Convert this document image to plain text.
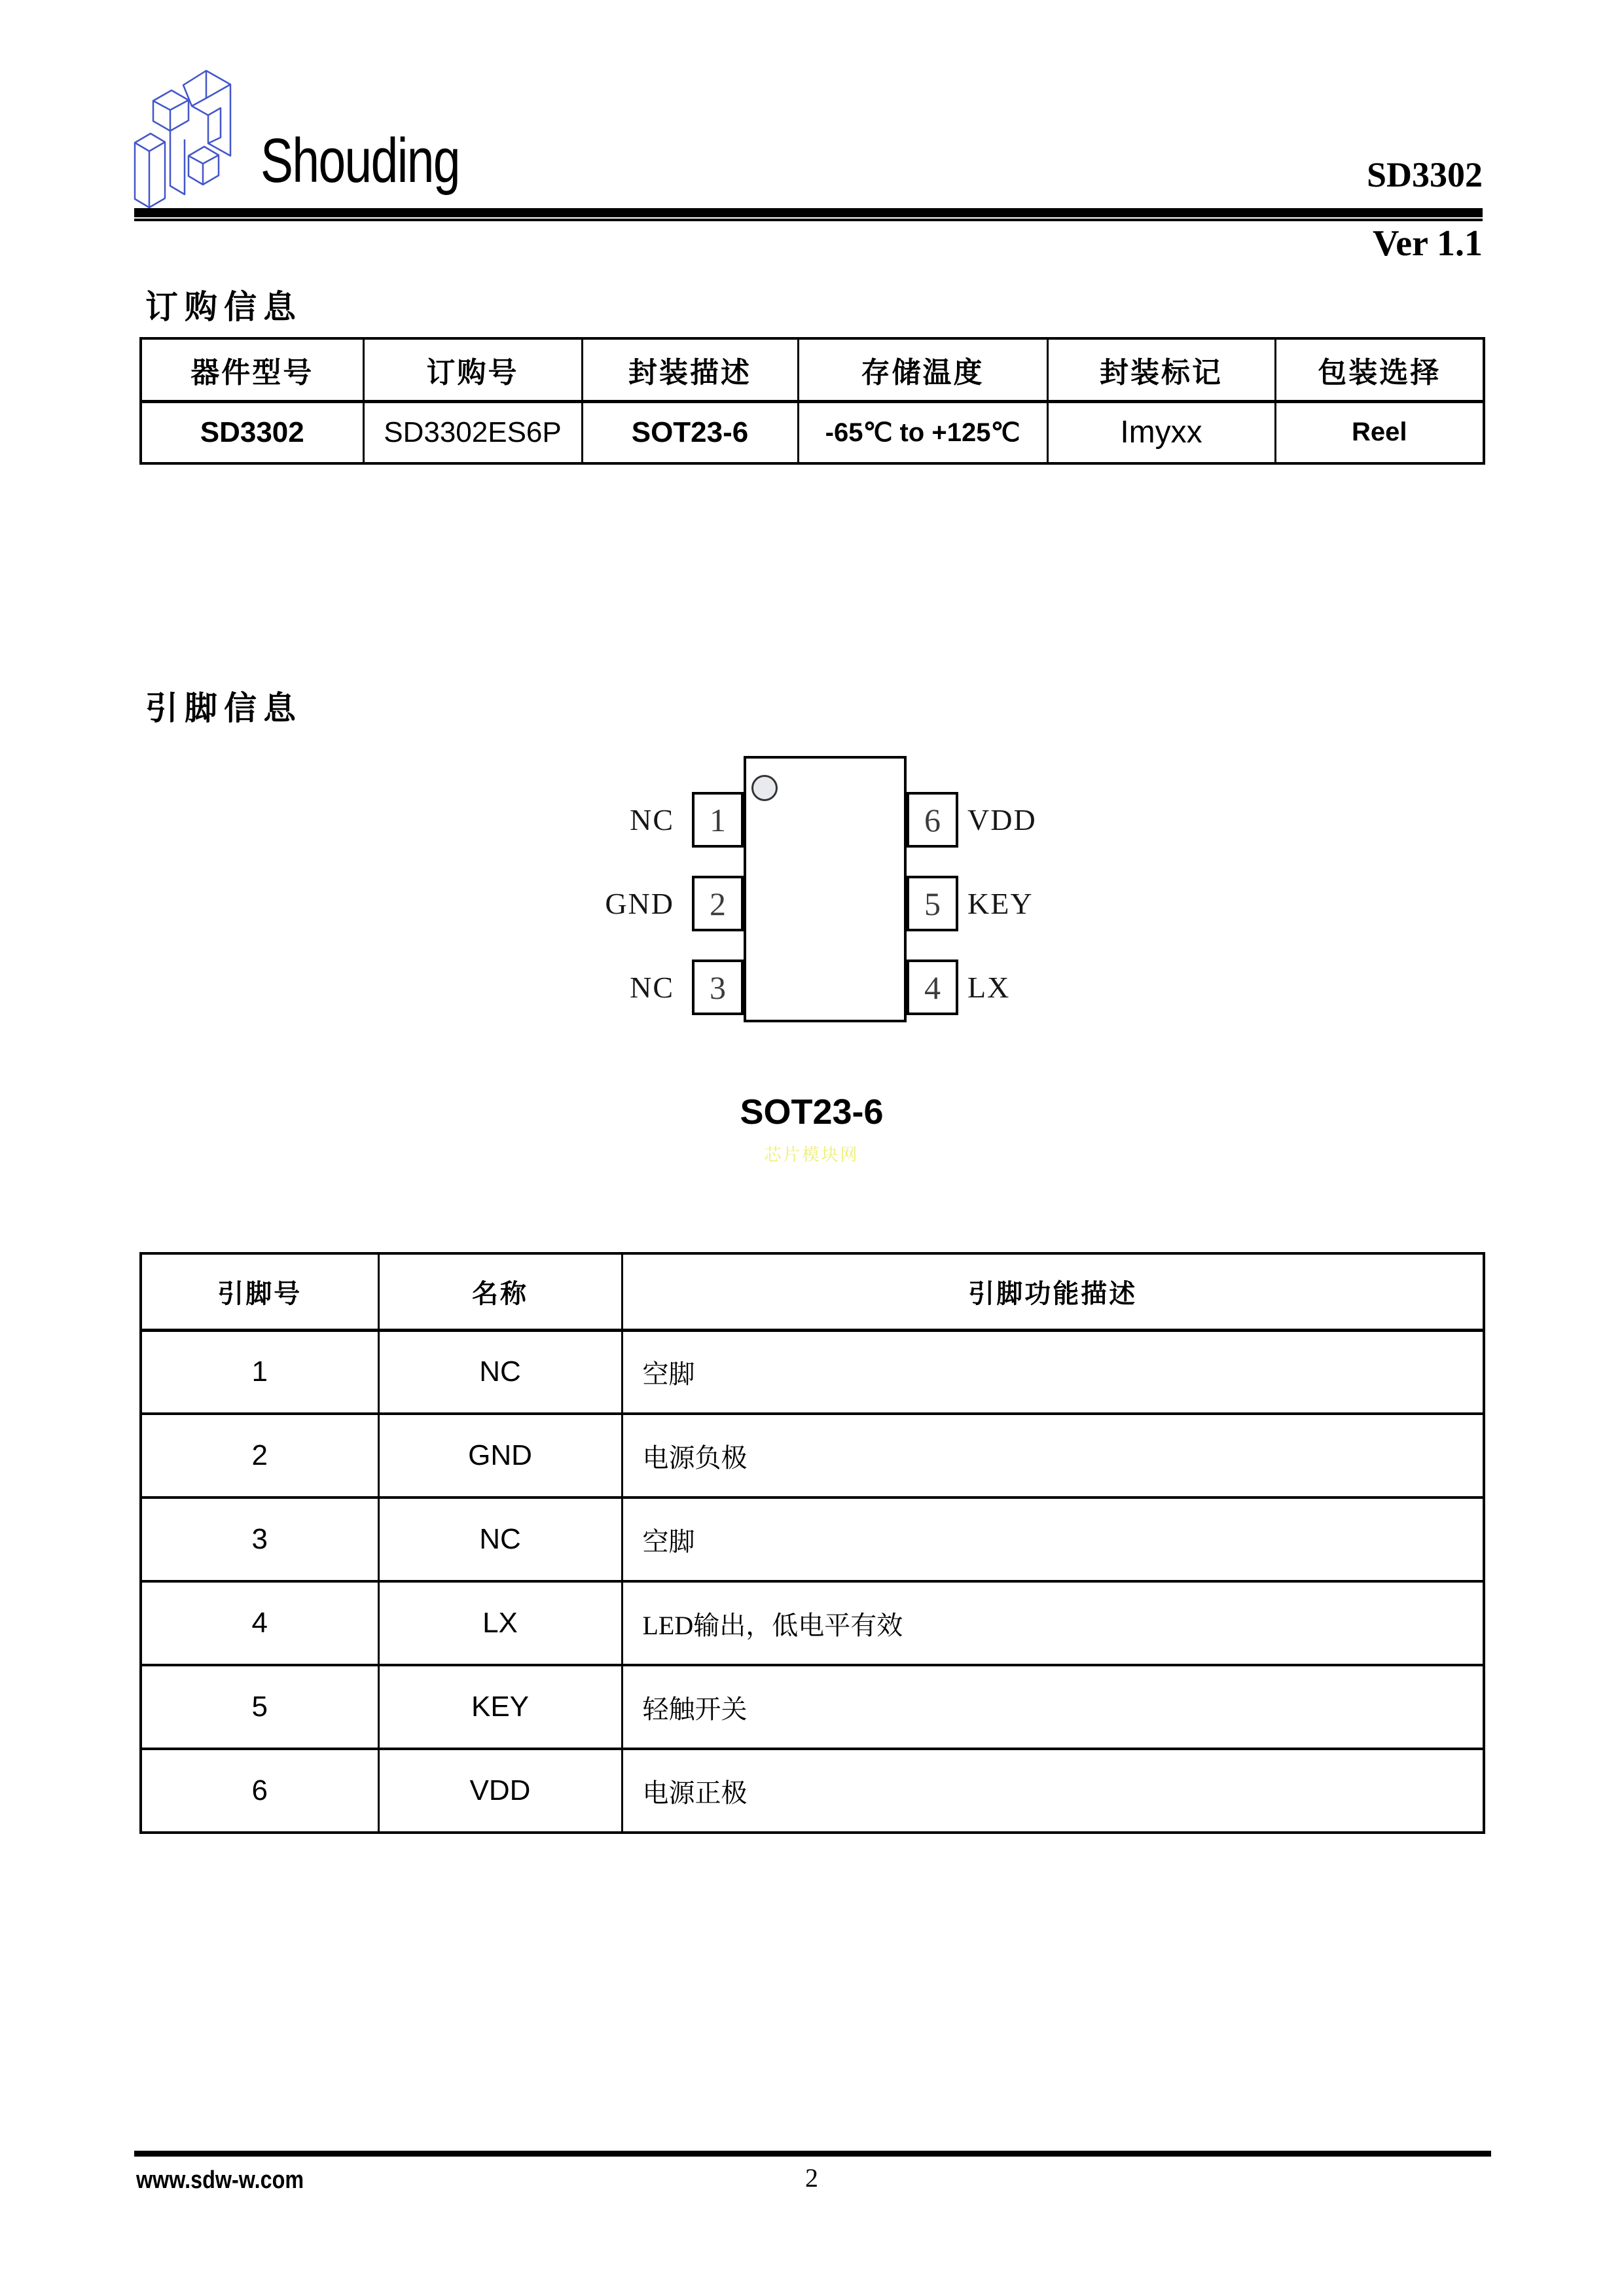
Shouding	SD3302
Ver 1.1
订购信息
器件型号	订购号	封装描述	存储温度	封装标记	包装选择
SD3302	SD3302ES6P	SOT23-6	-65℃ to +125℃	Imyxx	Reel
引脚信息
1
2
3
NC
GND
NC
6
5
4
VDD
KEY
LX
SOT23-6
芯片模块网
引脚号	名称	引脚功能描述
1	NC	空脚
2	GND	电源负极
3	NC	空脚
4	LX	LED输出，低电平有效
5	KEY	轻触开关
6	VDD	电源正极
www.sdw-w.com	2
